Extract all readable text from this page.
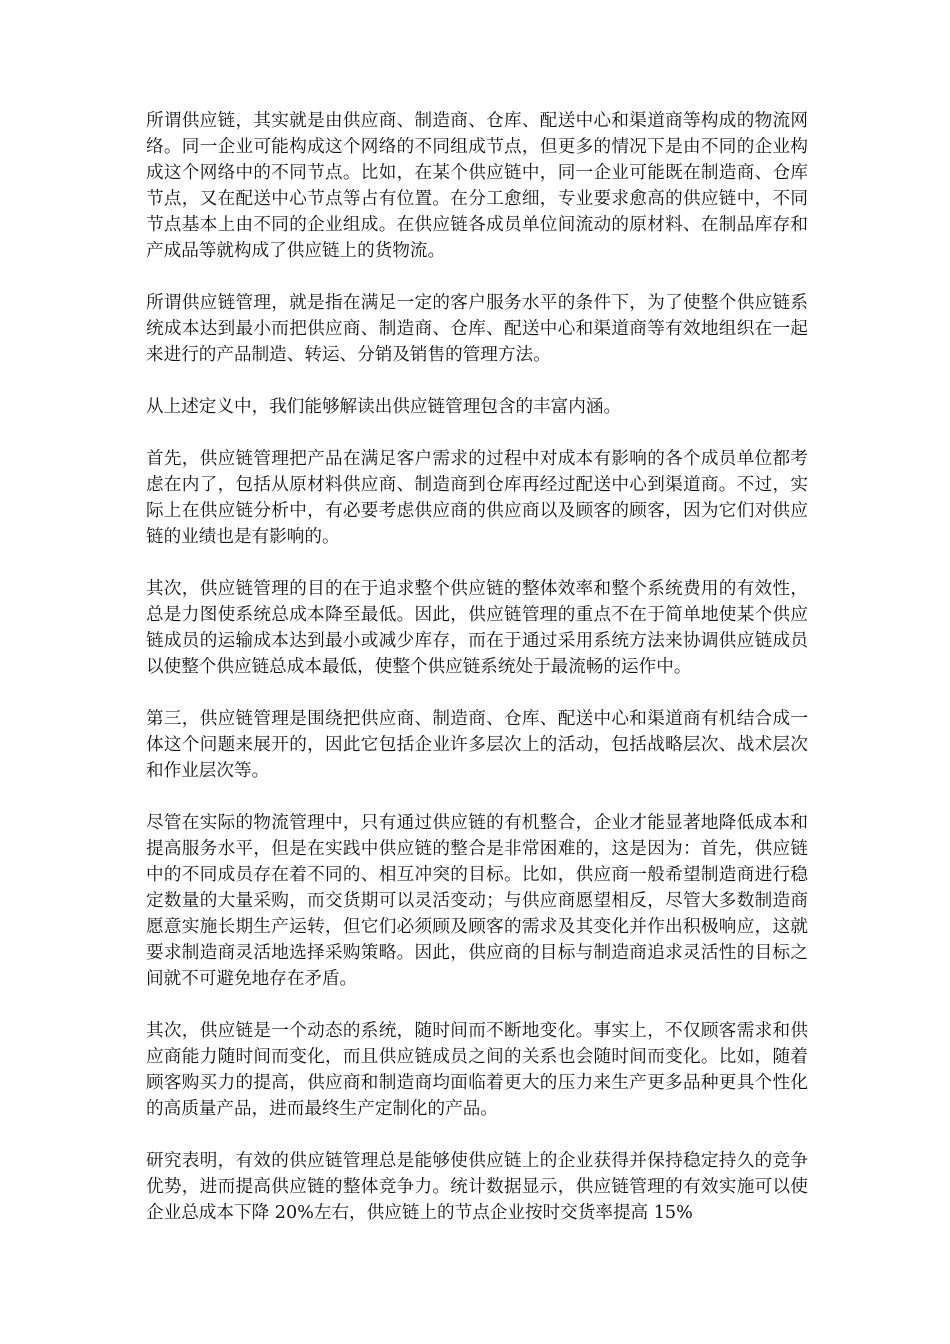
所谓供应链，其实就是由供应商、制造商、仓库、配送中心和渠道商等构成的物流网络。同一企业可能构成这个网络的不同组成节点，但更多的情况下是由不同的企业构成这个网络中的不同节点。比如，在某个供应链中，同一企业可能既在制造商、仓库节点，又在配送中心节点等占有位置。在分工愈细，专业要求愈高的供应链中，不同节点基本上由不同的企业组成。在供应链各成员单位间流动的原材料、在制品库存和产成品等就构成了供应链上的货物流。

所谓供应链管理，就是指在满足一定的客户服务水平的条件下，为了使整个供应链系统成本达到最小而把供应商、制造商、仓库、配送中心和渠道商等有效地组织在一起来进行的产品制造、转运、分销及销售的管理方法。

从上述定义中，我们能够解读出供应链管理包含的丰富内涵。

首先，供应链管理把产品在满足客户需求的过程中对成本有影响的各个成员单位都考虑在内了，包括从原材料供应商、制造商到仓库再经过配送中心到渠道商。不过，实际上在供应链分析中，有必要考虑供应商的供应商以及顾客的顾客，因为它们对供应链的业绩也是有影响的。

其次，供应链管理的目的在于追求整个供应链的整体效率和整个系统费用的有效性，总是力图使系统总成本降至最低。因此，供应链管理的重点不在于简单地使某个供应链成员的运输成本达到最小或减少库存，而在于通过采用系统方法来协调供应链成员以使整个供应链总成本最低，使整个供应链系统处于最流畅的运作中。

第三，供应链管理是围绕把供应商、制造商、仓库、配送中心和渠道商有机结合成一体这个问题来展开的，因此它包括企业许多层次上的活动，包括战略层次、战术层次和作业层次等。

尽管在实际的物流管理中，只有通过供应链的有机整合，企业才能显著地降低成本和提高服务水平，但是在实践中供应链的整合是非常困难的，这是因为：首先，供应链中的不同成员存在着不同的、相互冲突的目标。比如，供应商一般希望制造商进行稳定数量的大量采购，而交货期可以灵活变动；与供应商愿望相反，尽管大多数制造商愿意实施长期生产运转，但它们必须顾及顾客的需求及其变化并作出积极响应，这就要求制造商灵活地选择采购策略。因此，供应商的目标与制造商追求灵活性的目标之间就不可避免地存在矛盾。

其次，供应链是一个动态的系统，随时间而不断地变化。事实上，不仅顾客需求和供应商能力随时间而变化，而且供应链成员之间的关系也会随时间而变化。比如，随着顾客购买力的提高，供应商和制造商均面临着更大的压力来生产更多品种更具个性化的高质量产品，进而最终生产定制化的产品。

研究表明，有效的供应链管理总是能够使供应链上的企业获得并保持稳定持久的竞争优势，进而提高供应链的整体竞争力。统计数据显示，供应链管理的有效实施可以使企业总成本下降 20%左右，供应链上的节点企业按时交货率提高 15%
